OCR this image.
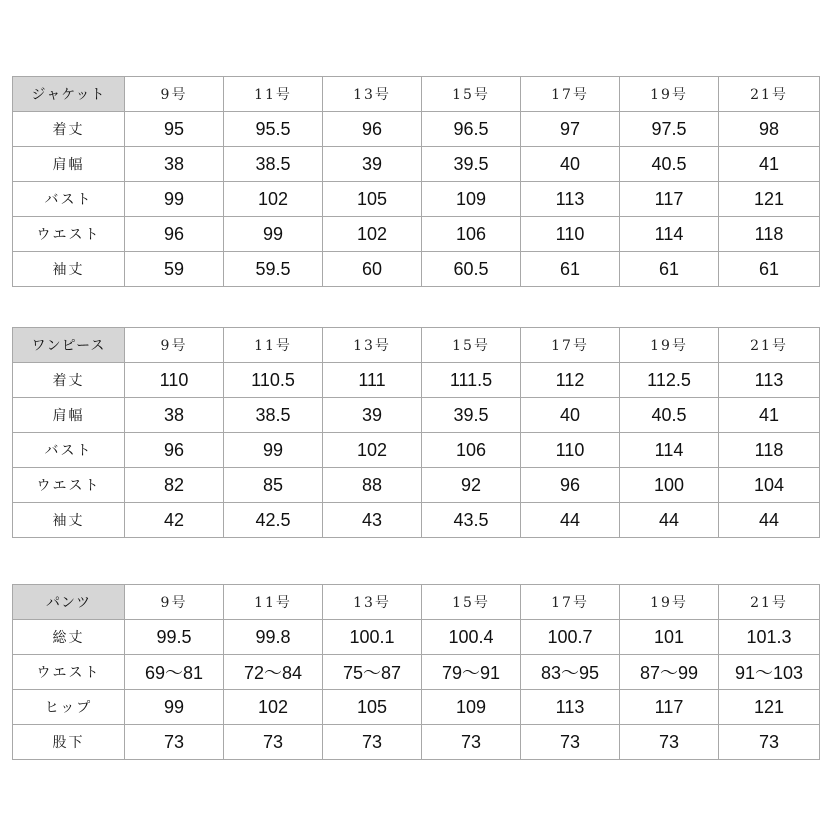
ジャケット	9号	11号	13号	15号	17号	19号	21号
着丈	95	95.5	96	96.5	97	97.5	98
肩幅	38	38.5	39	39.5	40	40.5	41
バスト	99	102	105	109	113	117	121
ウエスト	96	99	102	106	110	114	118
袖丈	59	59.5	60	60.5	61	61	61
ワンピース	9号	11号	13号	15号	17号	19号	21号
着丈	110	110.5	111	111.5	112	112.5	113
肩幅	38	38.5	39	39.5	40	40.5	41
バスト	96	99	102	106	110	114	118
ウエスト	82	85	88	92	96	100	104
袖丈	42	42.5	43	43.5	44	44	44
パンツ	9号	11号	13号	15号	17号	19号	21号
総丈	99.5	99.8	100.1	100.4	100.7	101	101.3
ウエスト	69〜81	72〜84	75〜87	79〜91	83〜95	87〜99	91〜103
ヒップ	99	102	105	109	113	117	121
股下	73	73	73	73	73	73	73
